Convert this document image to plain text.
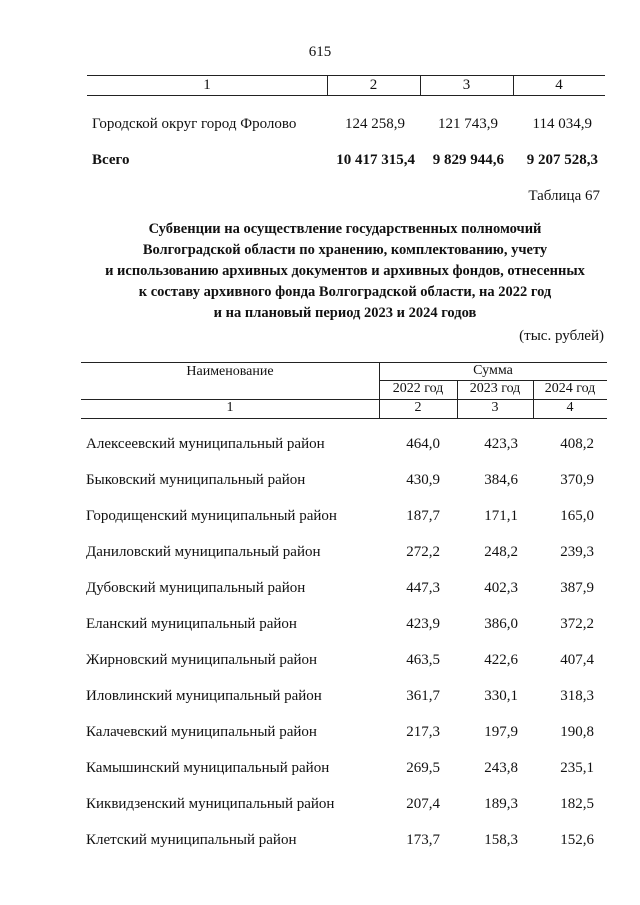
615
1	2	3	4
Городской округ город Фролово	124 258,9	121 743,9	114 034,9
Всего	10 417 315,4	9 829 944,6	9 207 528,3
Таблица 67
Субвенции на осуществление государственных полномочий
Волгоградской области по хранению, комплектованию, учету
и использованию архивных документов и архивных фондов, отнесенных
к составу архивного фонда Волгоградской области, на 2022 год
и на плановый период 2023 и 2024 годов
(тыс. рублей)
Наименование	Сумма
2022 год	2023 год	2024 год
1	2	3	4
Алексеевский муниципальный район	464,0	423,3	408,2
Быковский муниципальный район	430,9	384,6	370,9
Городищенский муниципальный район	187,7	171,1	165,0
Даниловский муниципальный район	272,2	248,2	239,3
Дубовский муниципальный район	447,3	402,3	387,9
Еланский муниципальный район	423,9	386,0	372,2
Жирновский муниципальный район	463,5	422,6	407,4
Иловлинский муниципальный район	361,7	330,1	318,3
Калачевский муниципальный район	217,3	197,9	190,8
Камышинский муниципальный район	269,5	243,8	235,1
Киквидзенский муниципальный район	207,4	189,3	182,5
Клетский муниципальный район	173,7	158,3	152,6
